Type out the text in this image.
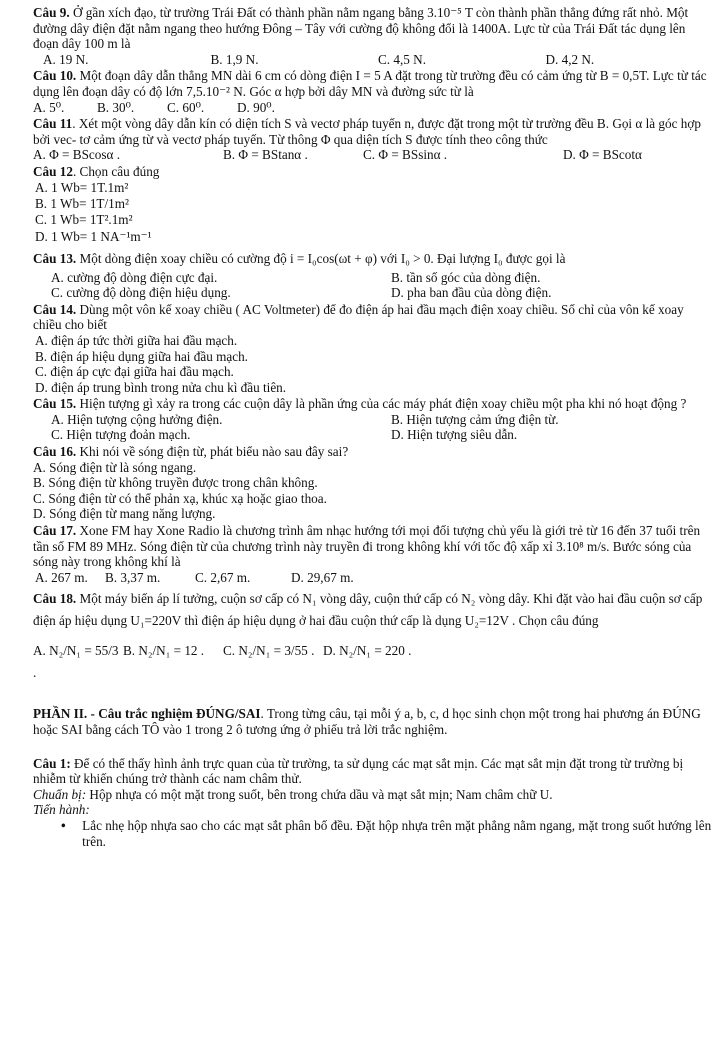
Câu 9. Ở gần xích đạo, từ trường Trái Đất có thành phần nằm ngang bằng 3.10⁻⁵ T còn thành phần thẳng đứng rất nhỏ. Một đường dây điện đặt nằm ngang theo hướng Đông – Tây với cường độ không đổi là 1400A. Lực từ của Trái Đất tác dụng lên đoạn dây 100 m là

A. 19 N.	B. 1,9 N.	C. 4,5 N.	D. 4,2 N.

Câu 10. Một đoạn dây dẫn thẳng MN dài 6 cm có dòng điện I = 5 A đặt trong từ trường đều có cảm ứng từ B = 0,5T. Lực từ tác dụng lên đoạn dây có độ lớn 7,5.10⁻² N. Góc α hợp bởi dây MN và đường sức từ là

A. 5⁰.	B. 30⁰.	C. 60⁰.	D. 90⁰.

Câu 11. Xét một vòng dây dẫn kín có diện tích S và vectơ pháp tuyến n, được đặt trong một từ trường đều B. Gọi α là góc hợp bởi vec- tơ cảm ứng từ và vectơ pháp tuyến. Từ thông Φ qua diện tích S được tính theo công thức

A. Φ = BScosα .	B. Φ = BStanα .	C. Φ = BSsinα .	D. Φ = BScotα

Câu 12. Chọn câu đúng

A. 1 Wb= 1T.1m²

B. 1 Wb= 1T/1m²

C. 1 Wb= 1T².1m²

D. 1 Wb= 1 NA⁻¹m⁻¹

Câu 13. Một dòng điện xoay chiều có cường độ i = I₀cos(ωt + φ) với I₀ > 0. Đại lượng I₀ được gọi là

A. cường độ dòng điện cực đại.	B. tần số góc của dòng điện.
C. cường độ dòng điện hiệu dụng.	D. pha ban đầu của dòng điện.

Câu 14. Dùng một vôn kế xoay chiều ( AC Voltmeter) để đo điện áp hai đầu mạch điện xoay chiều. Số chỉ của vôn kế xoay chiều cho biết

A. điện áp tức thời giữa hai đầu mạch.

B. điện áp hiệu dụng giữa hai đầu mạch.

C. điện áp cực đại giữa hai đầu mạch.

D. điện áp trung bình trong nửa chu kì đầu tiên.

Câu 15. Hiện tượng gì xảy ra trong các cuộn dây là phần ứng của các máy phát điện xoay chiều một pha khi nó hoạt động ?

A. Hiện tượng cộng hưởng điện.	B. Hiện tượng cảm ứng điện từ.
C. Hiện tượng đoản mạch.	D. Hiện tượng siêu dẫn.

Câu 16. Khi nói về sóng điện từ, phát biểu nào sau đây sai?

A. Sóng điện từ là sóng ngang.

B. Sóng điện từ không truyền được trong chân không.

C. Sóng điện từ có thể phản xạ, khúc xạ hoặc giao thoa.

D. Sóng điện từ mang năng lượng.

Câu 17. Xone FM hay Xone Radio là chương trình âm nhạc hướng tới mọi đối tượng chủ yếu là giới trẻ từ 16 đến 37 tuổi trên tần số FM 89 MHz. Sóng điện từ của chương trình này truyền đi trong không khí với tốc độ xấp xỉ 3.10⁸ m/s. Bước sóng của sóng này trong không khí là

A. 267 m.	B. 3,37 m.	C. 2,67 m.	D. 29,67 m.

Câu 18. Một máy biến áp lí tưởng, cuộn sơ cấp có N₁ vòng dây, cuộn thứ cấp có N₂ vòng dây. Khi đặt vào hai đầu cuộn sơ cấp điện áp hiệu dụng U₁=220V thì điện áp hiệu dụng ở hai đầu cuộn thứ cấp là dụng U₂=12V . Chọn câu đúng

A. N₂/N₁ = 55/3 .
B. N₂/N₁ = 12 .	C. N₂/N₁ = 3/55 . D. N₂/N₁ = 220 .

PHẦN II. - Câu trắc nghiệm ĐÚNG/SAI. Trong từng câu, tại mỗi ý a, b, c, d học sinh chọn một trong hai phương án ĐÚNG hoặc SAI bằng cách TÔ vào 1 trong 2 ô tương ứng ở phiếu trả lời trắc nghiệm.

Câu 1: Để có thể thấy hình ảnh trực quan của từ trường, ta sử dụng các mạt sắt mịn. Các mạt sắt mịn đặt trong từ trường bị nhiễm từ khiến chúng trở thành các nam châm thử.

Chuẩn bị: Hộp nhựa có một mặt trong suốt, bên trong chứa dầu và mạt sắt mịn; Nam châm chữ U.

Tiến hành:

•	Lắc nhẹ hộp nhựa sao cho các mạt sắt phân bố đều. Đặt hộp nhựa trên mặt phẳng nằm ngang, mặt trong suốt hướng lên trên.
